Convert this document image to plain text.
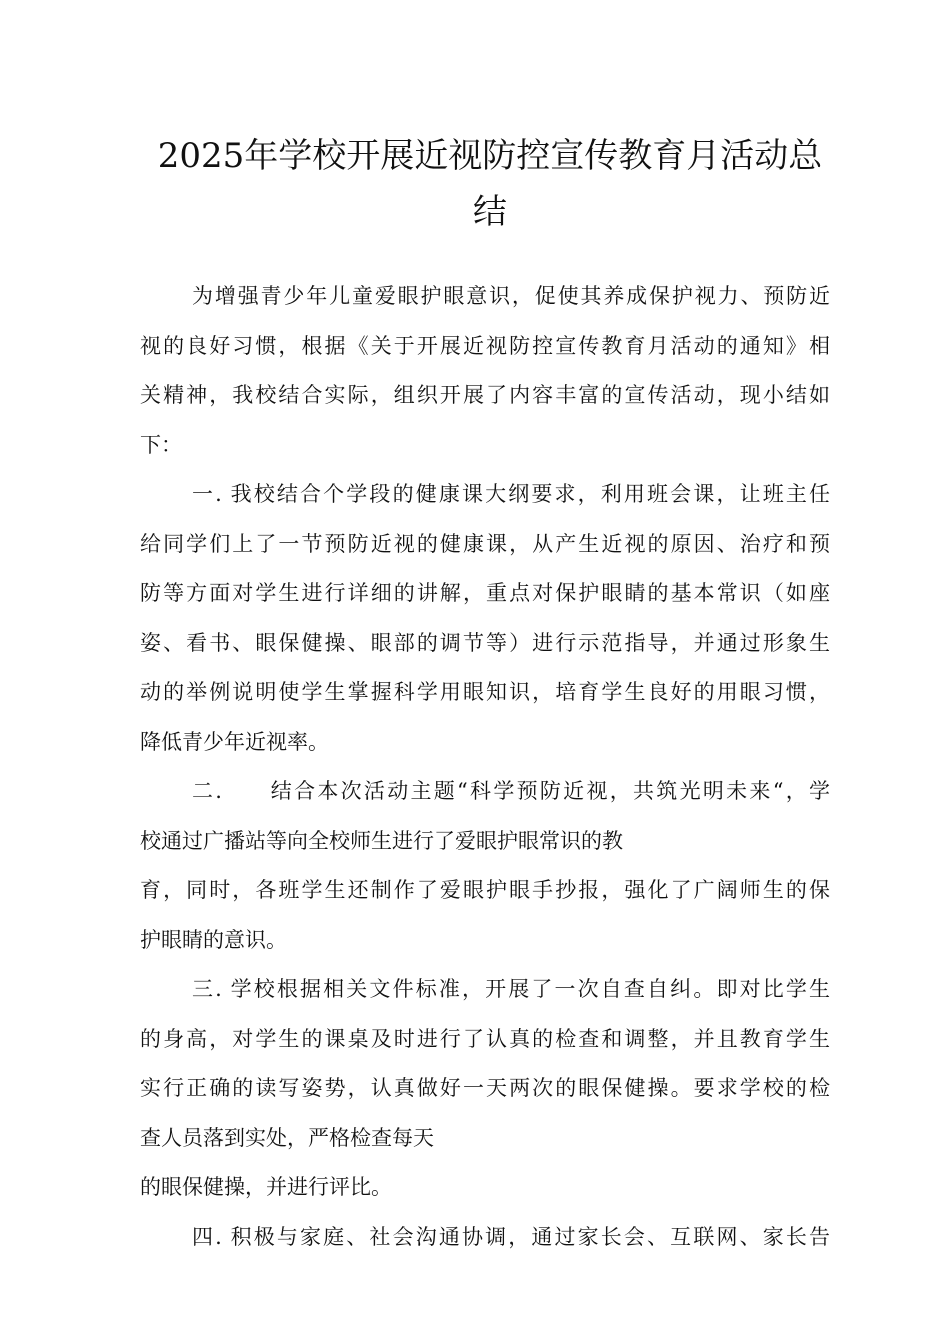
2025年学校开展近视防控宣传教育月活动总
结
为增强青少年儿童爱眼护眼意识，促使其养成保护视力、预防近
视的良好习惯，根据《关于开展近视防控宣传教育月活动的通知》相
关精神，我校结合实际，组织开展了内容丰富的宣传活动，现小结如
下：
一. 我校结合个学段的健康课大纲要求，利用班会课，让班主任
给同学们上了一节预防近视的健康课，从产生近视的原因、治疗和预
防等方面对学生进行详细的讲解，重点对保护眼睛的基本常识（如座
姿、看书、眼保健操、眼部的调节等）进行示范指导，并通过形象生
动的举例说明使学生掌握科学用眼知识，培育学生良好的用眼习惯，
降低青少年近视率。
二.　　结合本次活动主题“科学预防近视，共筑光明未来“，学
校通过广播站等向全校师生进行了爱眼护眼常识的教
育，同时，各班学生还制作了爱眼护眼手抄报，强化了广阔师生的保
护眼睛的意识。
三. 学校根据相关文件标准，开展了一次自查自纠。即对比学生
的身高，对学生的课桌及时进行了认真的检查和调整，并且教育学生
实行正确的读写姿势，认真做好一天两次的眼保健操。要求学校的检
查人员落到实处，严格检查每天
的眼保健操，并进行评比。
四. 积极与家庭、社会沟通协调，通过家长会、互联网、家长告
